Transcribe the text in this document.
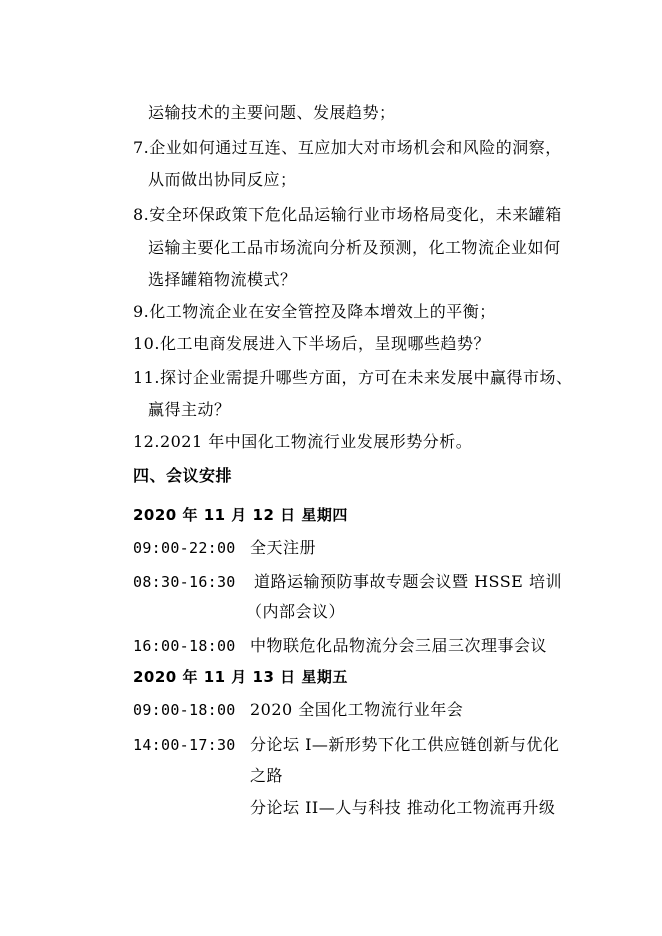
运输技术的主要问题、发展趋势；
7.企业如何通过互连、互应加大对市场机会和风险的洞察，
从而做出协同反应；
8.安全环保政策下危化品运输行业市场格局变化，未来罐箱
运输主要化工品市场流向分析及预测，化工物流企业如何
选择罐箱物流模式？
9.化工物流企业在安全管控及降本增效上的平衡；
10.化工电商发展进入下半场后，呈现哪些趋势？
11.探讨企业需提升哪些方面，方可在未来发展中赢得市场、
赢得主动？
12.2021 年中国化工物流行业发展形势分析。
四、会议安排
2020 年 11 月 12 日 星期四
09:00-22:00 全天注册
08:30-16:30 道路运输预防事故专题会议暨 HSSE 培训
（内部会议）
16:00-18:00 中物联危化品物流分会三届三次理事会议
2020 年 11 月 13 日 星期五
09:00-18:00 2020 全国化工物流行业年会
14:00-17:30 分论坛 I—新形势下化工供应链创新与优化
之路
分论坛 II—人与科技 推动化工物流再升级
